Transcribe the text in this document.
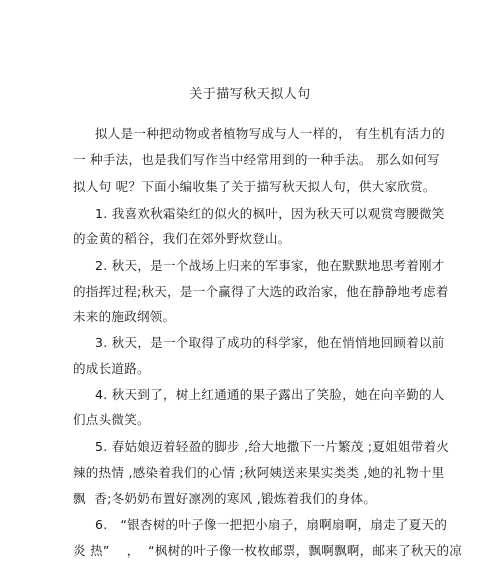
关于描写秋天拟人句
拟人是一种把动物或者植物写成与人一样的， 有生机有活力的
一 种手法，也是我们写作当中经常用到的一种手法。 那么如何写
拟人句 呢？下面小编收集了关于描写秋天拟人句，供大家欣赏。
1. 我喜欢秋霜染红的似火的枫叶，因为秋天可以观赏弯腰微笑
的金黄的稻谷，我们在郊外野炊登山。
2. 秋天，是一个战场上归来的军事家，他在默默地思考着刚才
的指挥过程;秋天，是一个赢得了大选的政治家，他在静静地考虑着
未来的施政纲领。
3. 秋天，是一个取得了成功的科学家，他在悄悄地回顾着以前
的成长道路。
4. 秋天到了，树上红通通的果子露出了笑脸，她在向辛勤的人
们点头微笑。
5. 春姑娘迈着轻盈的脚步 ,给大地撒下一片繁茂 ;夏姐姐带着火
辣的热情 ,感染着我们的心情 ;秋阿姨送来果实类类 ,她的礼物十里
飘  香;冬奶奶布置好凛冽的寒风 ,锻炼着我们的身体。
6.   “银杏树的叶子像一把把小扇子，扇啊扇啊，扇走了夏天的
炎 热”    ，  “枫树的叶子像一枚枚邮票，飘啊飘啊，邮来了秋天的凉
